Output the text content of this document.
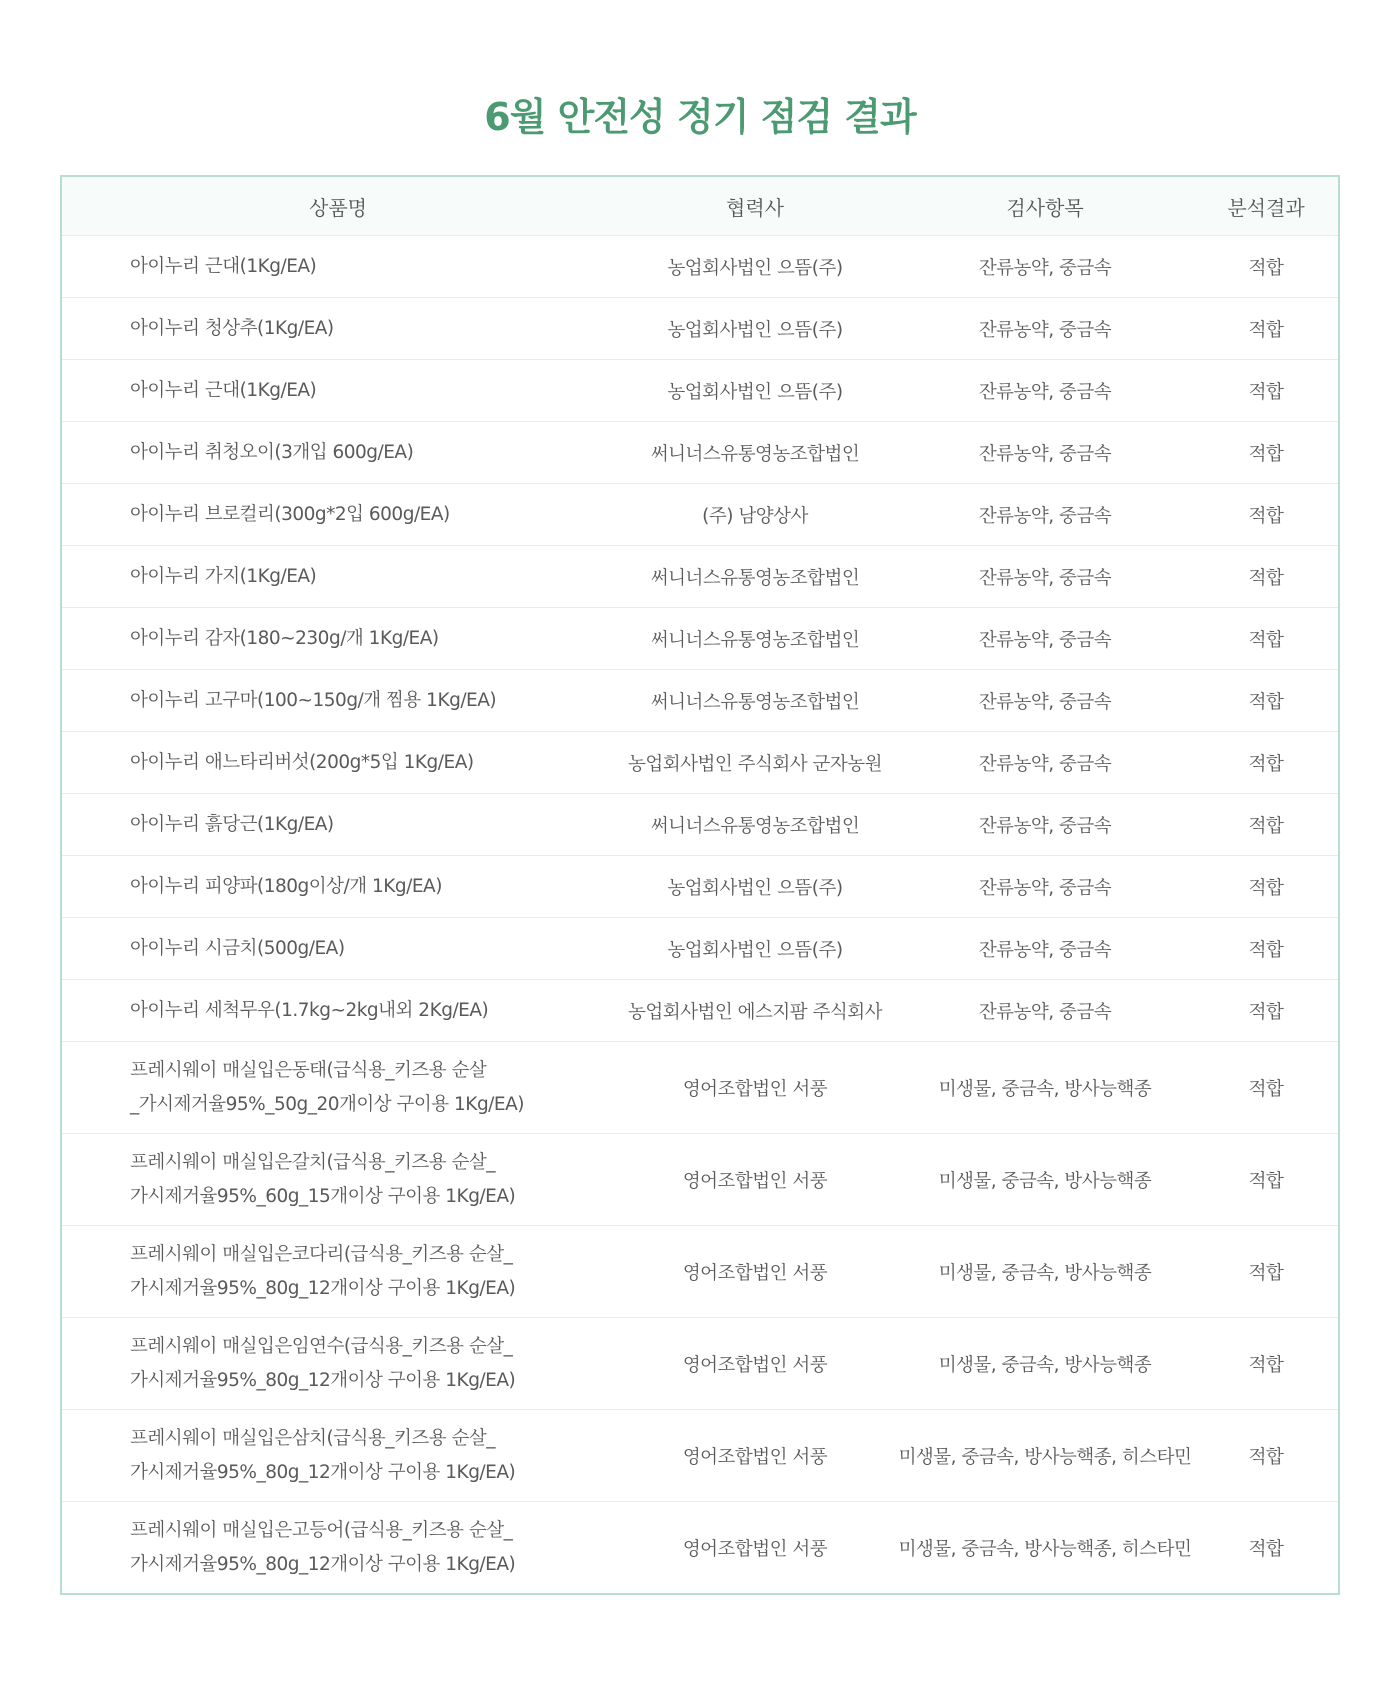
6월 안전성 정기 점검 결과
상품명	협력사	검사항목	분석결과

아이누리 근대(1Kg/EA)	농업회사법인 으뜸(주)	잔류농약, 중금속	적합

아이누리 청상추(1Kg/EA)	농업회사법인 으뜸(주)	잔류농약, 중금속	적합

아이누리 근대(1Kg/EA)	농업회사법인 으뜸(주)	잔류농약, 중금속	적합

아이누리 취청오이(3개입 600g/EA)	써니너스유통영농조합법인	잔류농약, 중금속	적합

아이누리 브로컬리(300g*2입 600g/EA)	(주) 남양상사	잔류농약, 중금속	적합

아이누리 가지(1Kg/EA)	써니너스유통영농조합법인	잔류농약, 중금속	적합

아이누리 감자(180~230g/개 1Kg/EA)	써니너스유통영농조합법인	잔류농약, 중금속	적합

아이누리 고구마(100~150g/개 찜용 1Kg/EA)	써니너스유통영농조합법인	잔류농약, 중금속	적합

아이누리 애느타리버섯(200g*5입 1Kg/EA)	농업회사법인 주식회사 군자농원	잔류농약, 중금속	적합

아이누리 흙당근(1Kg/EA)	써니너스유통영농조합법인	잔류농약, 중금속	적합

아이누리 피양파(180g이상/개 1Kg/EA)	농업회사법인 으뜸(주)	잔류농약, 중금속	적합

아이누리 시금치(500g/EA)	농업회사법인 으뜸(주)	잔류농약, 중금속	적합

아이누리 세척무우(1.7kg~2kg내외 2Kg/EA)	농업회사법인 에스지팜 주식회사	잔류농약, 중금속	적합

프레시웨이 매실입은동태(급식용_키즈용 순살
_가시제거율95%_50g_20개이상 구이용 1Kg/EA)	영어조합법인 서풍	미생물, 중금속, 방사능핵종	적합

프레시웨이 매실입은갈치(급식용_키즈용 순살_
가시제거율95%_60g_15개이상 구이용 1Kg/EA)	영어조합법인 서풍	미생물, 중금속, 방사능핵종	적합

프레시웨이 매실입은코다리(급식용_키즈용 순살_
가시제거율95%_80g_12개이상 구이용 1Kg/EA)	영어조합법인 서풍	미생물, 중금속, 방사능핵종	적합

프레시웨이 매실입은임연수(급식용_키즈용 순살_
가시제거율95%_80g_12개이상 구이용 1Kg/EA)	영어조합법인 서풍	미생물, 중금속, 방사능핵종	적합

프레시웨이 매실입은삼치(급식용_키즈용 순살_
가시제거율95%_80g_12개이상 구이용 1Kg/EA)	영어조합법인 서풍	미생물, 중금속, 방사능핵종, 히스타민	적합

프레시웨이 매실입은고등어(급식용_키즈용 순살_
가시제거율95%_80g_12개이상 구이용 1Kg/EA)	영어조합법인 서풍	미생물, 중금속, 방사능핵종, 히스타민	적합
